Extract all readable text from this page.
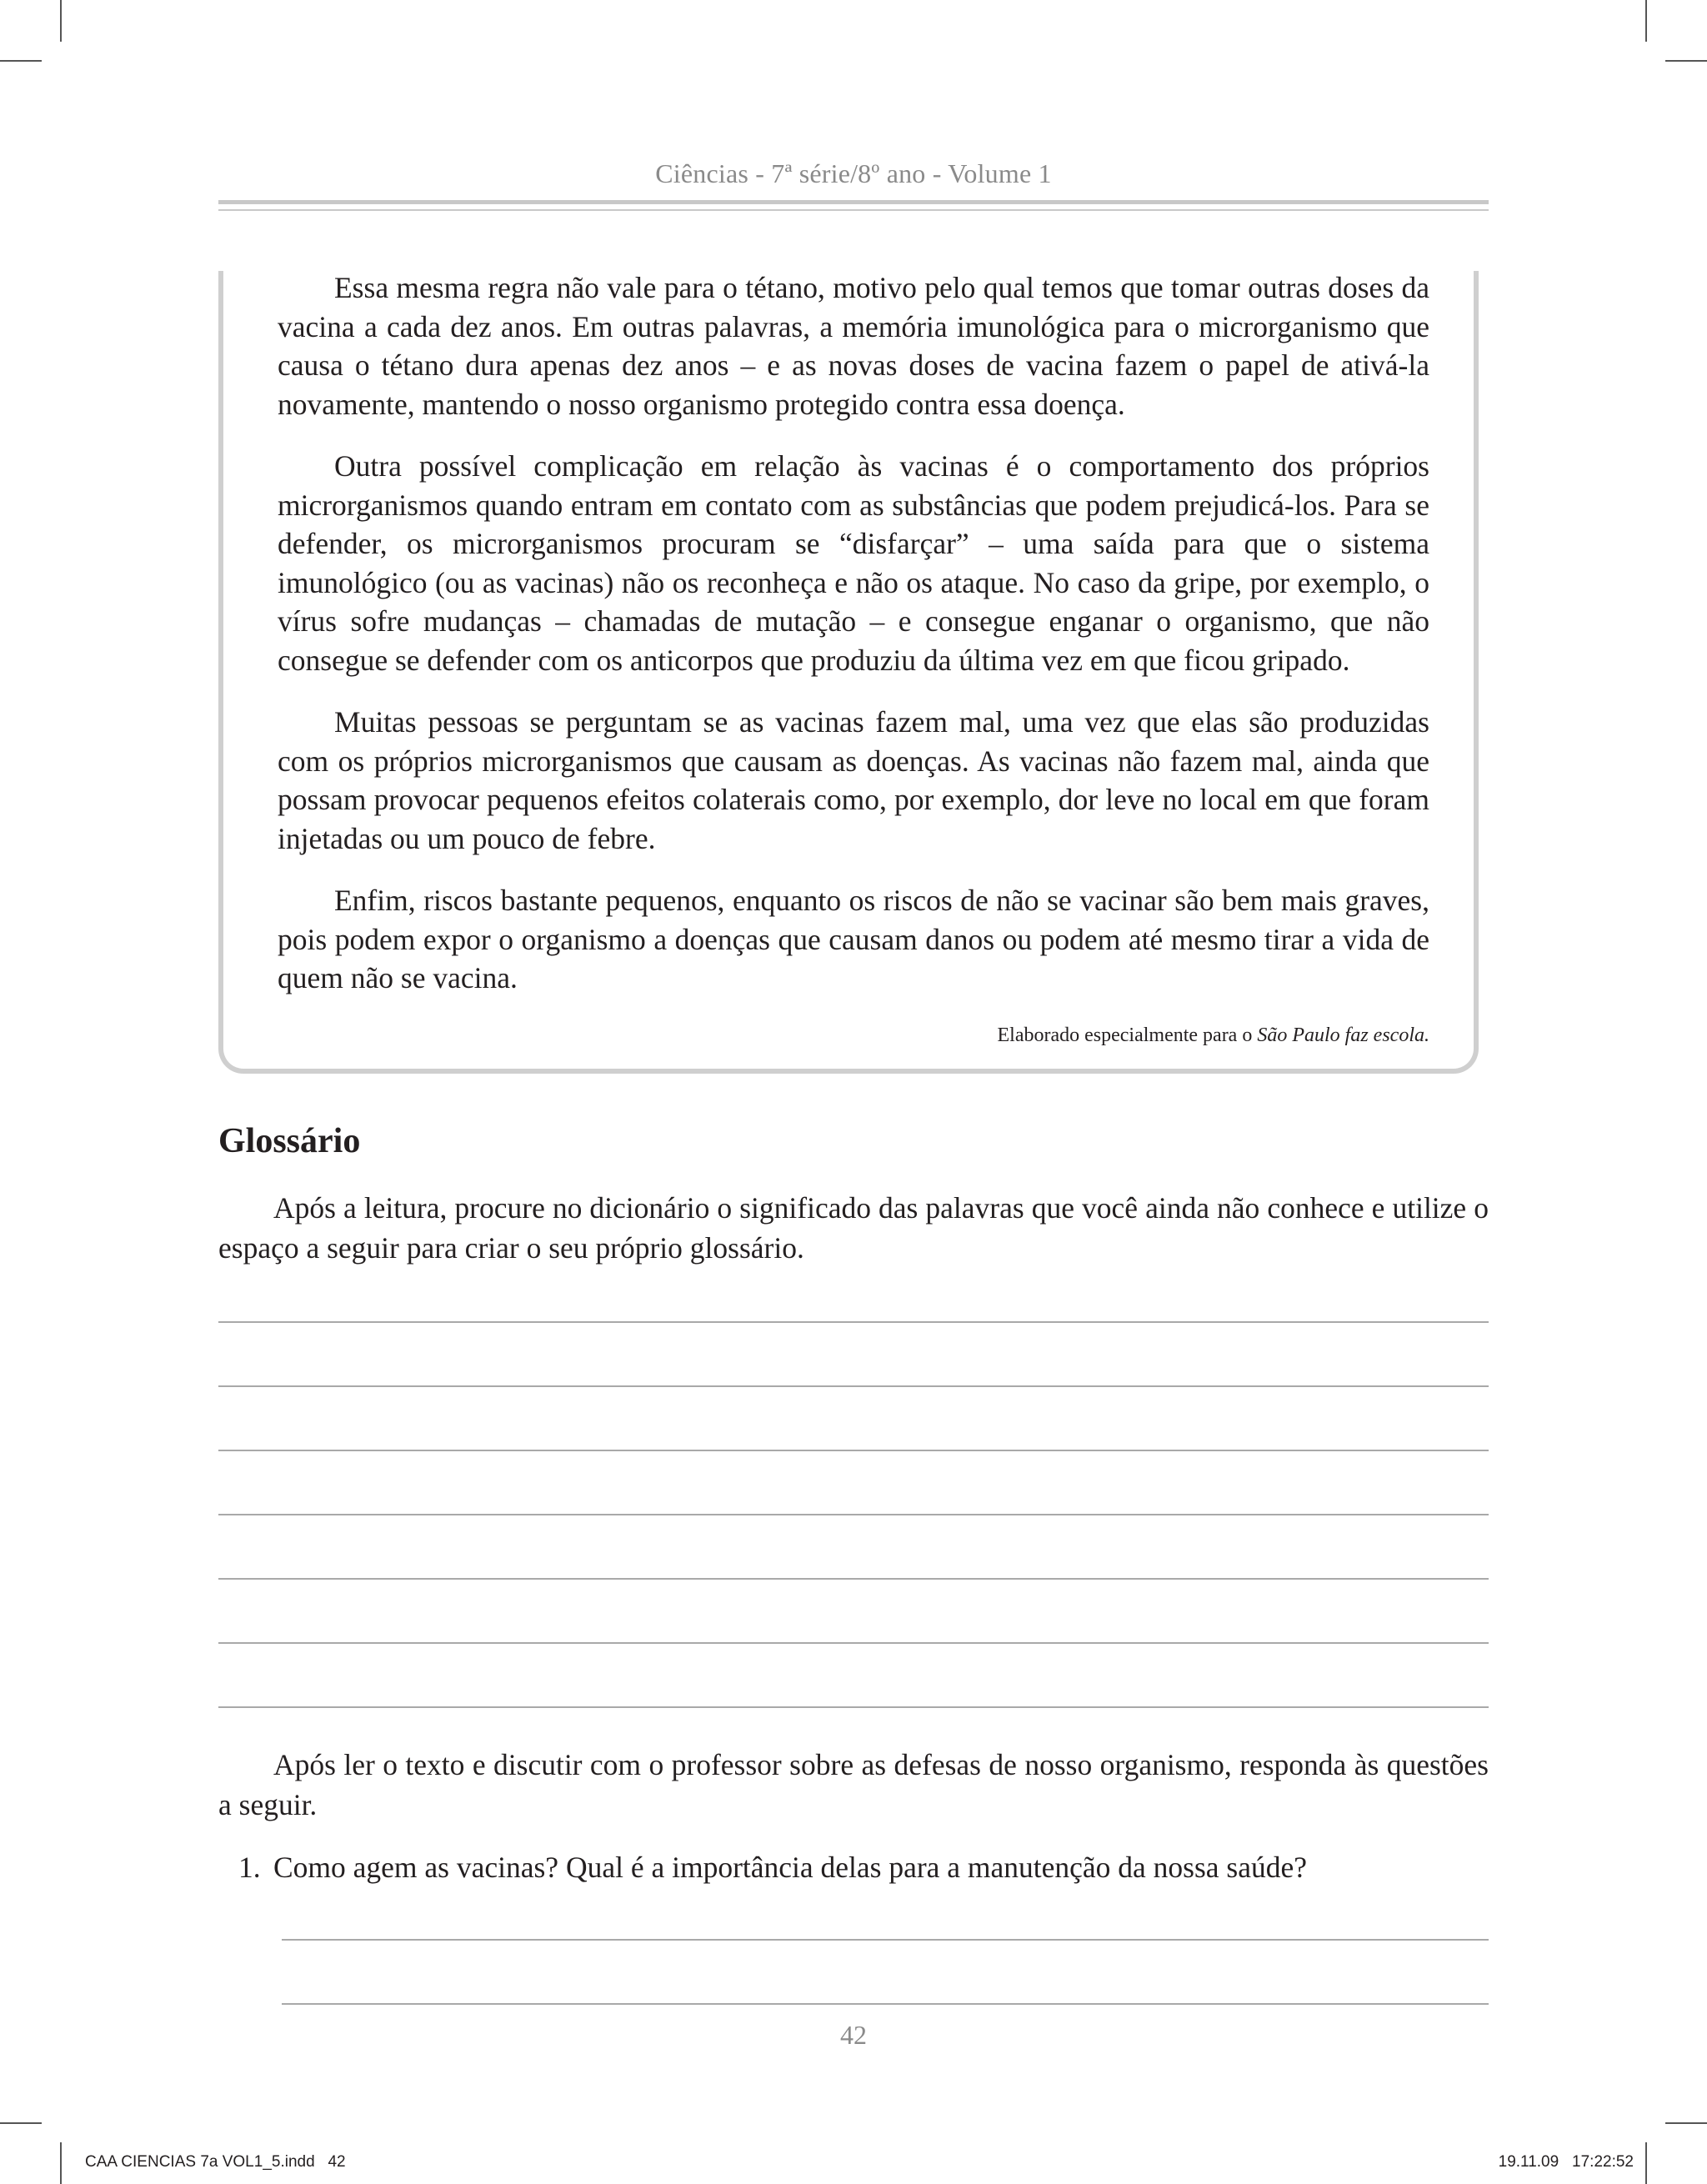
Ciências - 7ª série/8º ano - Volume 1

Essa mesma regra não vale para o tétano, motivo pelo qual temos que tomar outras doses da vacina a cada dez anos. Em outras palavras, a memória imunológica para o microrganismo que causa o tétano dura apenas dez anos – e as novas doses de vacina fazem o papel de ativá-la novamente, mantendo o nosso organismo protegido contra essa doença.

Outra possível complicação em relação às vacinas é o comportamento dos próprios microrganismos quando entram em contato com as substâncias que podem prejudicá-los. Para se defender, os microrganismos procuram se “disfarçar” – uma saída para que o sistema imunológico (ou as vacinas) não os reconheça e não os ataque. No caso da gripe, por exemplo, o vírus sofre mudanças – chamadas de mutação – e consegue enganar o organismo, que não consegue se defender com os anticorpos que produziu da última vez em que ficou gripado.

Muitas pessoas se perguntam se as vacinas fazem mal, uma vez que elas são produzidas com os próprios microrganismos que causam as doenças. As vacinas não fazem mal, ainda que possam provocar pequenos efeitos colaterais como, por exemplo, dor leve no local em que foram injetadas ou um pouco de febre.

Enfim, riscos bastante pequenos, enquanto os riscos de não se vacinar são bem mais graves, pois podem expor o organismo a doenças que causam danos ou podem até mesmo tirar a vida de quem não se vacina.

Elaborado especialmente para o São Paulo faz escola.
Glossário

Após a leitura, procure no dicionário o significado das palavras que você ainda não conhece e utilize o espaço a seguir para criar o seu próprio glossário.

Após ler o texto e discutir com o professor sobre as defesas de nosso organismo, responda às questões a seguir.

1. Como agem as vacinas? Qual é a importância delas para a manutenção da nossa saúde?
42
CAA CIENCIAS 7a VOL1_5.indd   42	19.11.09   17:22:52
